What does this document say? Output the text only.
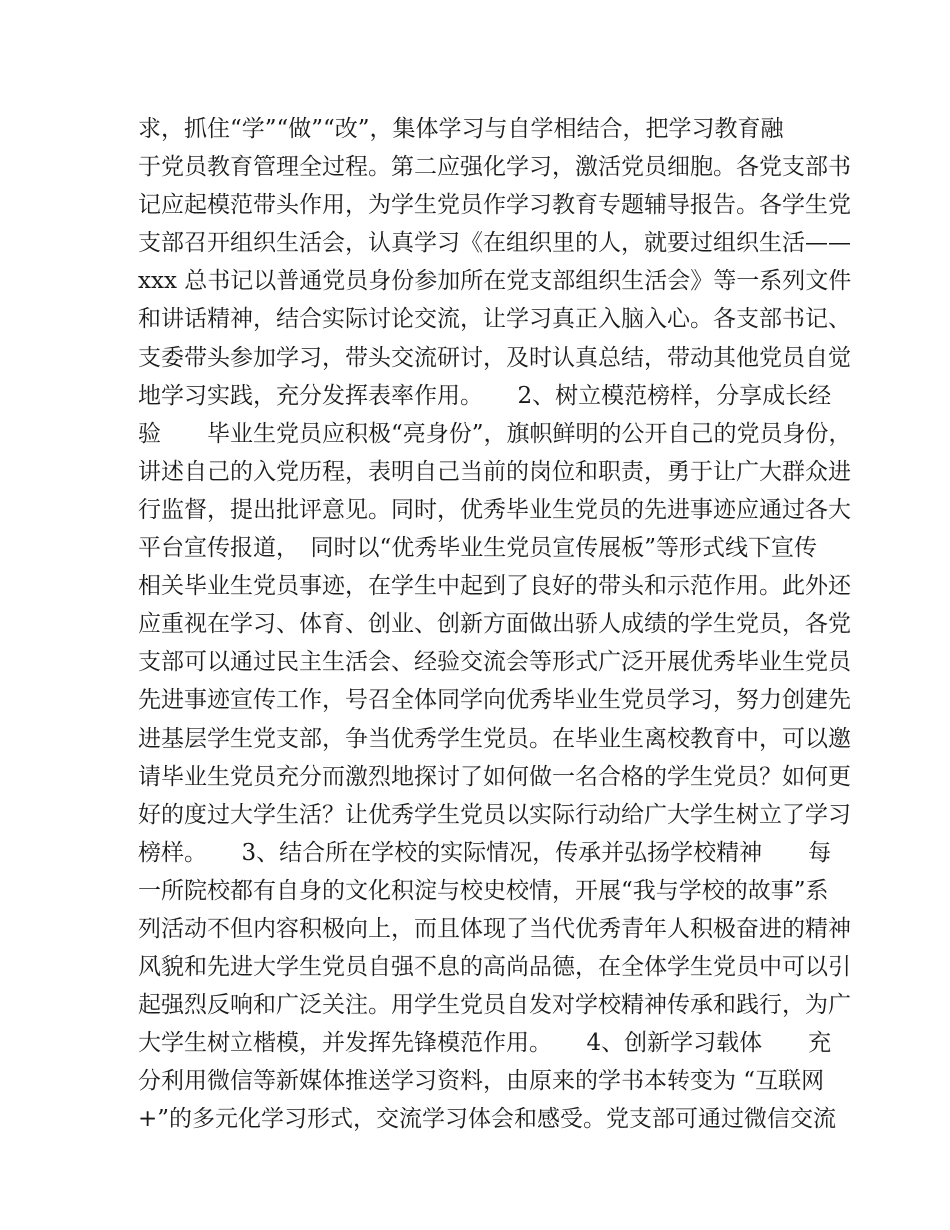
求，抓住“学”“做”“改”，集体学习与自学相结合，把学习教育融
于党员教育管理全过程。第二应强化学习，激活党员细胞。各党支部书
记应起模范带头作用，为学生党员作学习教育专题辅导报告。各学生党
支部召开组织生活会，认真学习《在组织里的人，就要过组织生活——
xxx 总书记以普通党员身份参加所在党支部组织生活会》等一系列文件
和讲话精神，结合实际讨论交流，让学习真正入脑入心。各支部书记、
支委带头参加学习，带头交流研讨，及时认真总结，带动其他党员自觉
地学习实践，充分发挥表率作用。　　2、树立模范榜样，分享成长经
验　　毕业生党员应积极“亮身份”，旗帜鲜明的公开自己的党员身份，
讲述自己的入党历程，表明自己当前的岗位和职责，勇于让广大群众进
行监督，提出批评意见。同时，优秀毕业生党员的先进事迹应通过各大
平台宣传报道，　同时以“优秀毕业生党员宣传展板”等形式线下宣传
相关毕业生党员事迹，在学生中起到了良好的带头和示范作用。此外还
应重视在学习、体育、创业、创新方面做出骄人成绩的学生党员，各党
支部可以通过民主生活会、经验交流会等形式广泛开展优秀毕业生党员
先进事迹宣传工作，号召全体同学向优秀毕业生党员学习，努力创建先
进基层学生党支部，争当优秀学生党员。在毕业生离校教育中，可以邀
请毕业生党员充分而激烈地探讨了如何做一名合格的学生党员？如何更
好的度过大学生活？让优秀学生党员以实际行动给广大学生树立了学习
榜样。　　3、结合所在学校的实际情况，传承并弘扬学校精神　　每
一所院校都有自身的文化积淀与校史校情，开展“我与学校的故事”系
列活动不但内容积极向上，而且体现了当代优秀青年人积极奋进的精神
风貌和先进大学生党员自强不息的高尚品德，在全体学生党员中可以引
起强烈反响和广泛关注。用学生党员自发对学校精神传承和践行，为广
大学生树立楷模，并发挥先锋模范作用。　　4、创新学习载体　　充
分利用微信等新媒体推送学习资料，由原来的学书本转变为 “互联网
+”的多元化学习形式，交流学习体会和感受。党支部可通过微信交流
